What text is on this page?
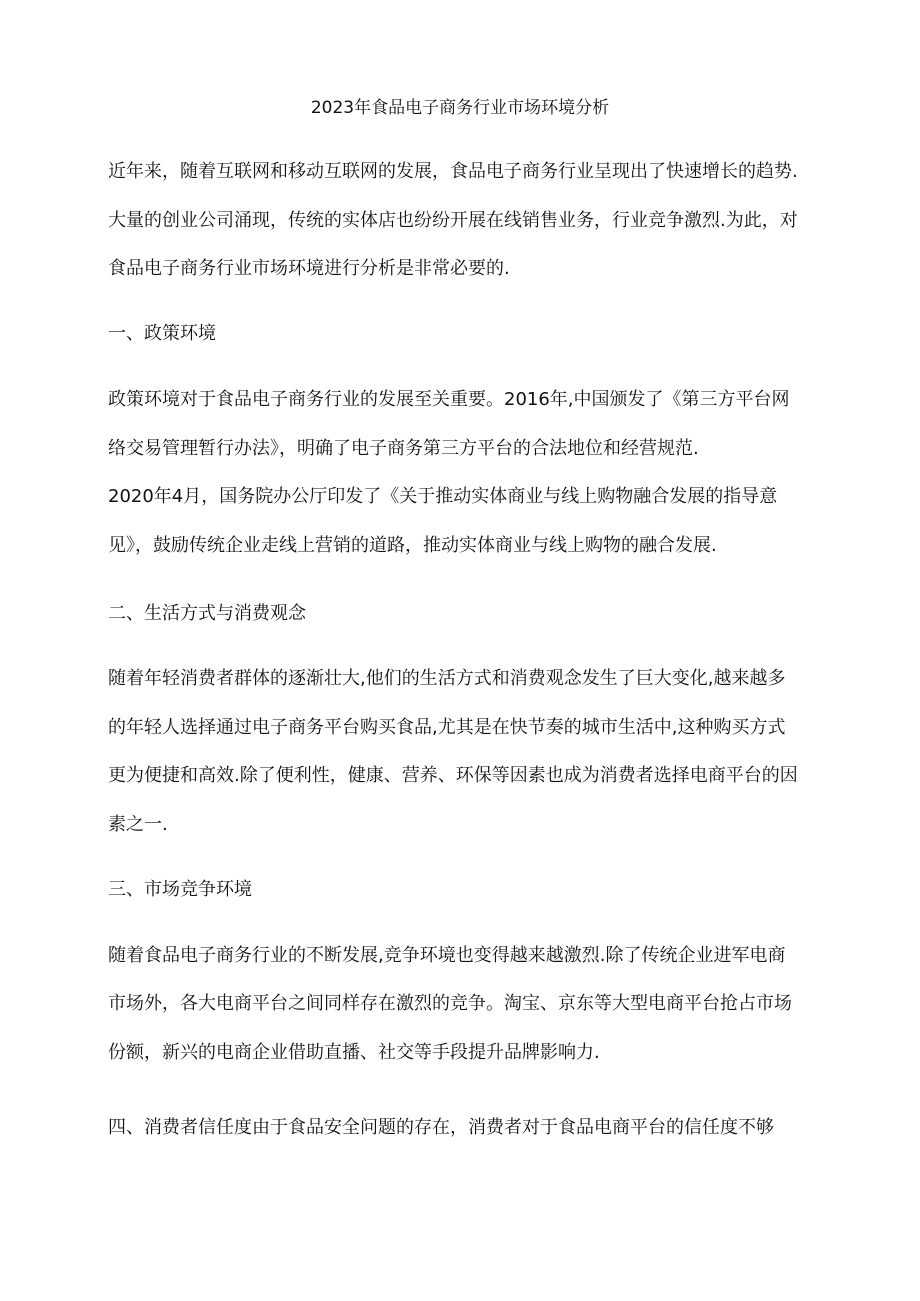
2023年食品电子商务行业市场环境分析
近年来，随着互联网和移动互联网的发展，食品电子商务行业呈现出了快速增长的趋势.
大量的创业公司涌现，传统的实体店也纷纷开展在线销售业务，行业竞争激烈.为此，对
食品电子商务行业市场环境进行分析是非常必要的.
一、政策环境
政策环境对于食品电子商务行业的发展至关重要。2016年,中国颁发了《第三方平台网
络交易管理暂行办法》，明确了电子商务第三方平台的合法地位和经营规范.
2020年4月，国务院办公厅印发了《关于推动实体商业与线上购物融合发展的指导意
见》，鼓励传统企业走线上营销的道路，推动实体商业与线上购物的融合发展.
二、生活方式与消费观念
随着年轻消费者群体的逐渐壮大,他们的生活方式和消费观念发生了巨大变化,越来越多
的年轻人选择通过电子商务平台购买食品,尤其是在快节奏的城市生活中,这种购买方式
更为便捷和高效.除了便利性，健康、营养、环保等因素也成为消费者选择电商平台的因
素之一.
三、市场竞争环境
随着食品电子商务行业的不断发展,竞争环境也变得越来越激烈.除了传统企业进军电商
市场外，各大电商平台之间同样存在激烈的竞争。淘宝、京东等大型电商平台抢占市场
份额，新兴的电商企业借助直播、社交等手段提升品牌影响力.
四、消费者信任度由于食品安全问题的存在，消费者对于食品电商平台的信任度不够
